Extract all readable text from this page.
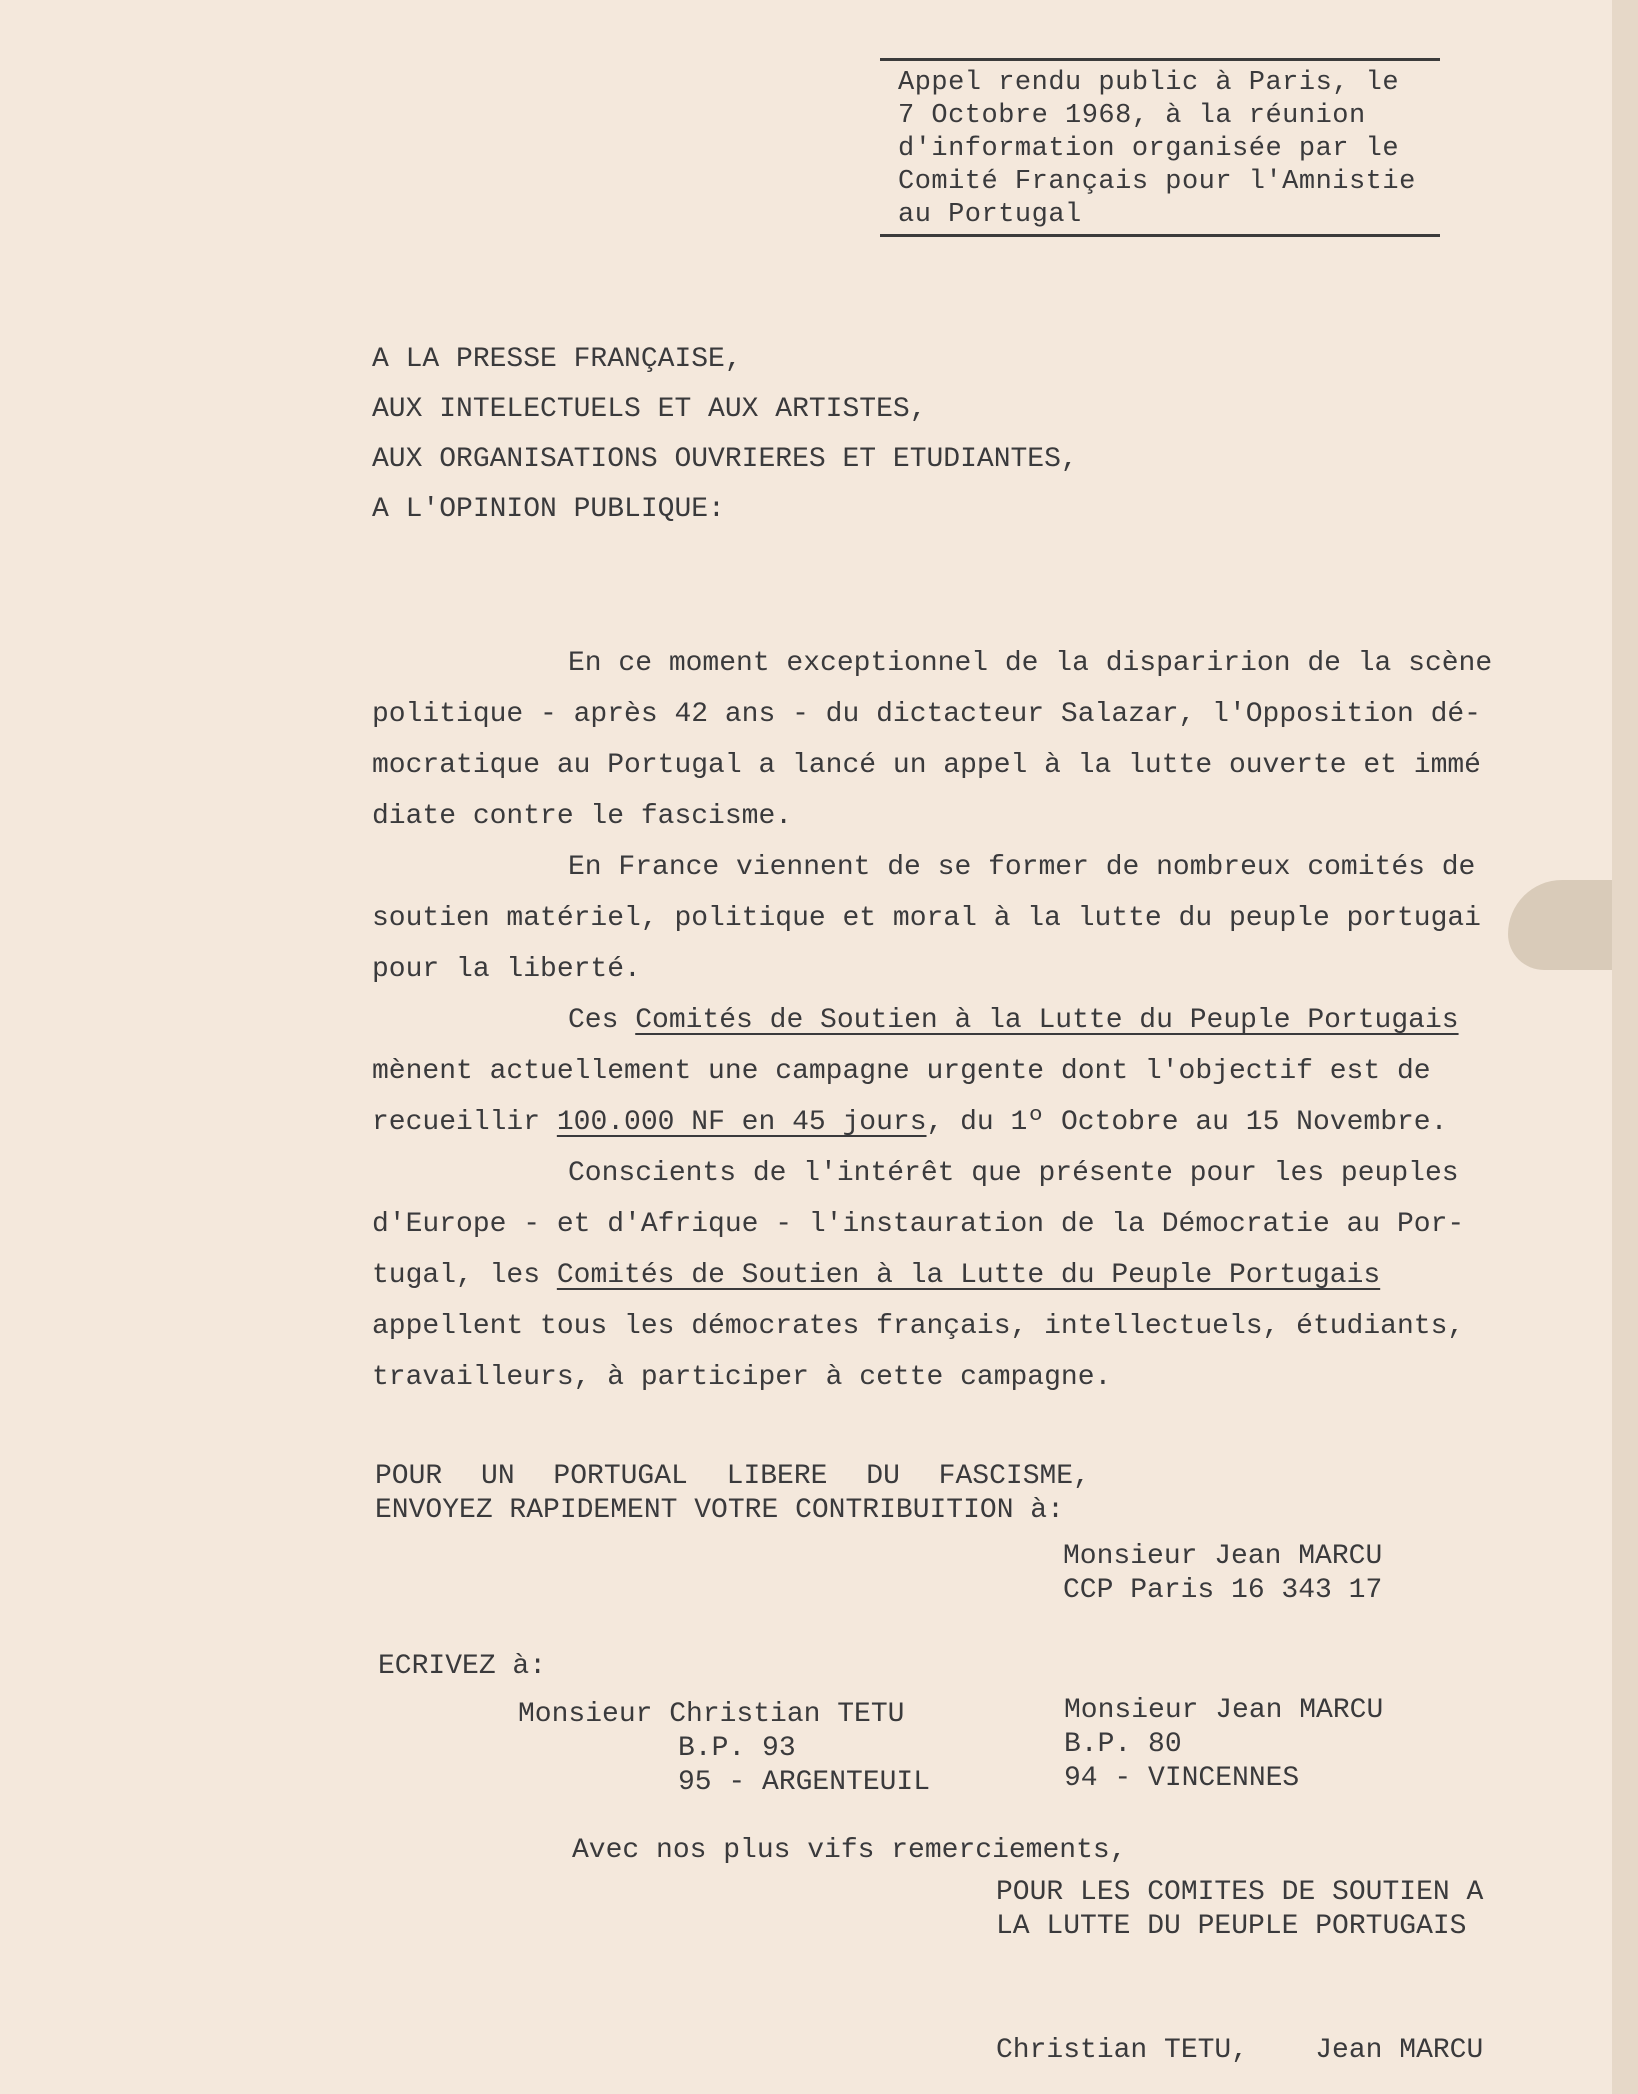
Appel rendu public à Paris, le
7 Octobre 1968, à la réunion
d'information organisée par le
Comité Français pour l'Amnistie
au Portugal
A LA PRESSE FRANÇAISE,
AUX INTELECTUELS ET AUX ARTISTES,
AUX ORGANISATIONS OUVRIERES ET ETUDIANTES,
A L'OPINION PUBLIQUE:
En ce moment exceptionnel de la disparirion de la scène
politique - après 42 ans - du dictacteur Salazar, l'Opposition dé-
mocratique au Portugal a lancé un appel à la lutte ouverte et immé
diate contre le fascisme.
En France viennent de se former de nombreux comités de
soutien matériel, politique et moral à la lutte du peuple portugai
pour la liberté.
Ces Comités de Soutien à la Lutte du Peuple Portugais
mènent actuellement une campagne urgente dont l'objectif est de
recueillir 100.000 NF en 45 jours, du 1º Octobre au 15 Novembre.
Conscients de l'intérêt que présente pour les peuples
d'Europe - et d'Afrique - l'instauration de la Démocratie au Por-
tugal, les Comités de Soutien à la Lutte du Peuple Portugais
appellent tous les démocrates français, intellectuels, étudiants,
travailleurs, à participer à cette campagne.
POUR UN PORTUGAL LIBERE DU FASCISME,
ENVOYEZ RAPIDEMENT VOTRE CONTRIBUITION à:
Monsieur Jean MARCU
CCP Paris 16 343 17
ECRIVEZ à:
Monsieur Christian TETU
B.P. 93
95 - ARGENTEUIL
Monsieur Jean MARCU
B.P. 80
94 - VINCENNES
Avec nos plus vifs remerciements,
POUR LES COMITES DE SOUTIEN A
LA LUTTE DU PEUPLE PORTUGAIS

Christian TETU,    Jean MARCU
